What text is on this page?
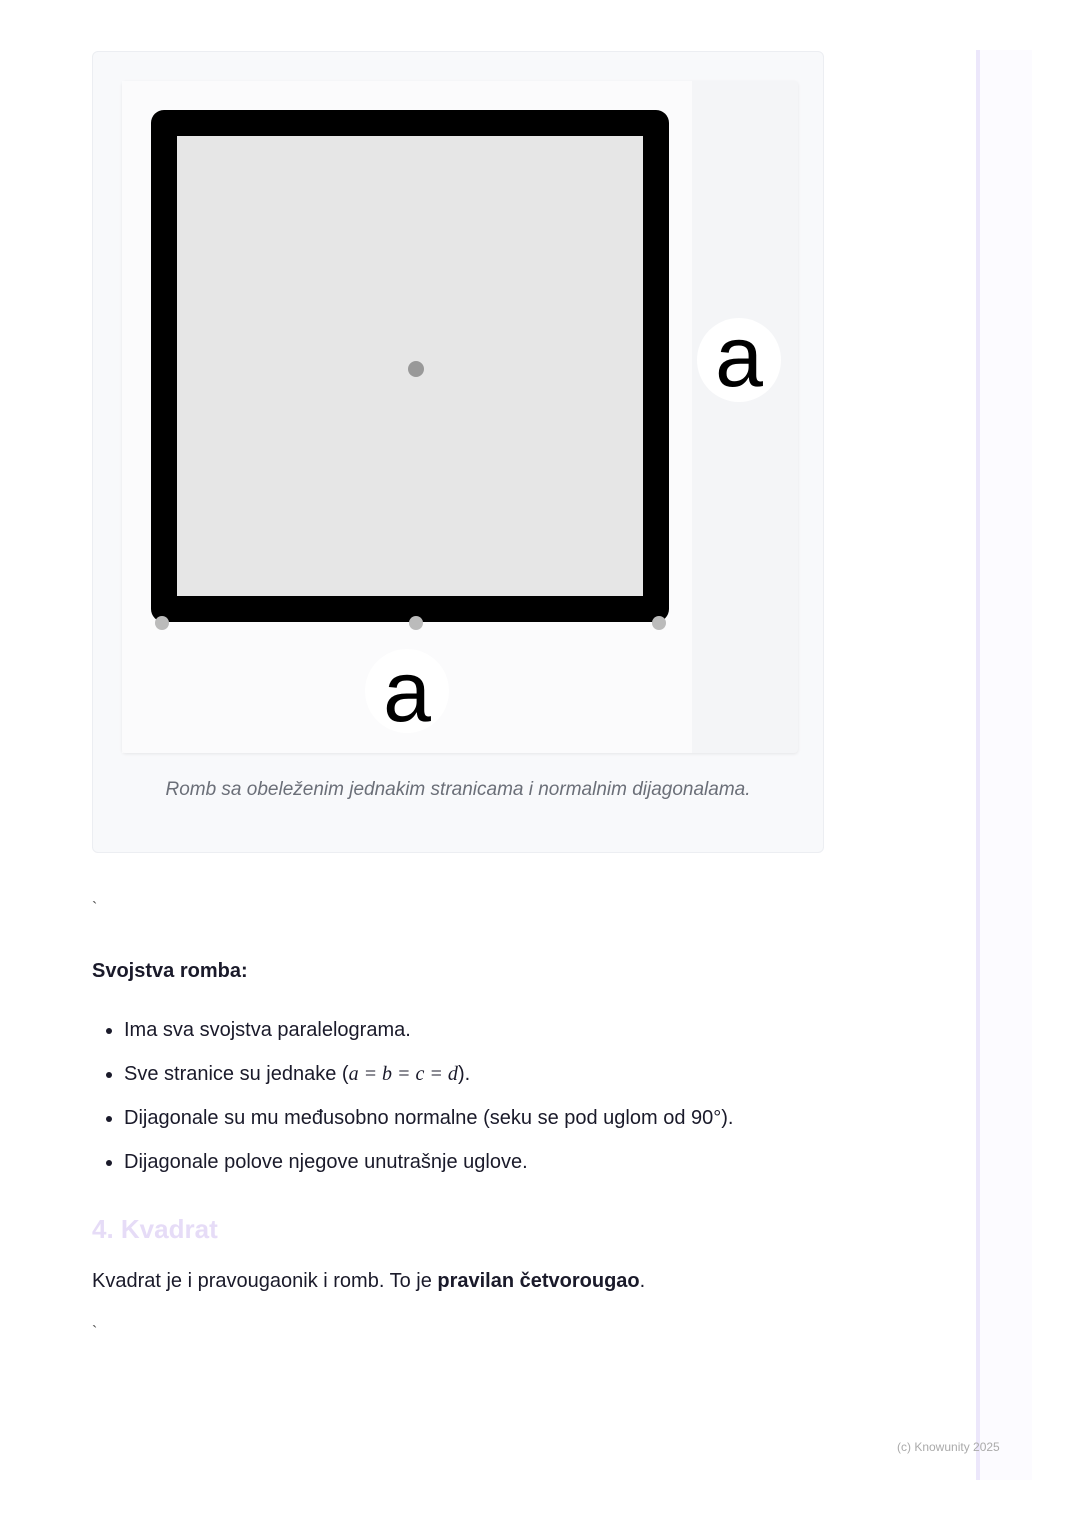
a
a
Romb sa obeleženim jednakim stranicama i normalnim dijagonalama.
`
Svojstva romba:
• Ima sva svojstva paralelograma.
• Sve stranice su jednake (a = b = c = d).
• Dijagonale su mu međusobno normalne (seku se pod uglom od 90°).
• Dijagonale polove njegove unutrašnje uglove.
4. Kvadrat
Kvadrat je i pravougaonik i romb. To je pravilan četvorougao.
`
(c) Knowunity 2025
